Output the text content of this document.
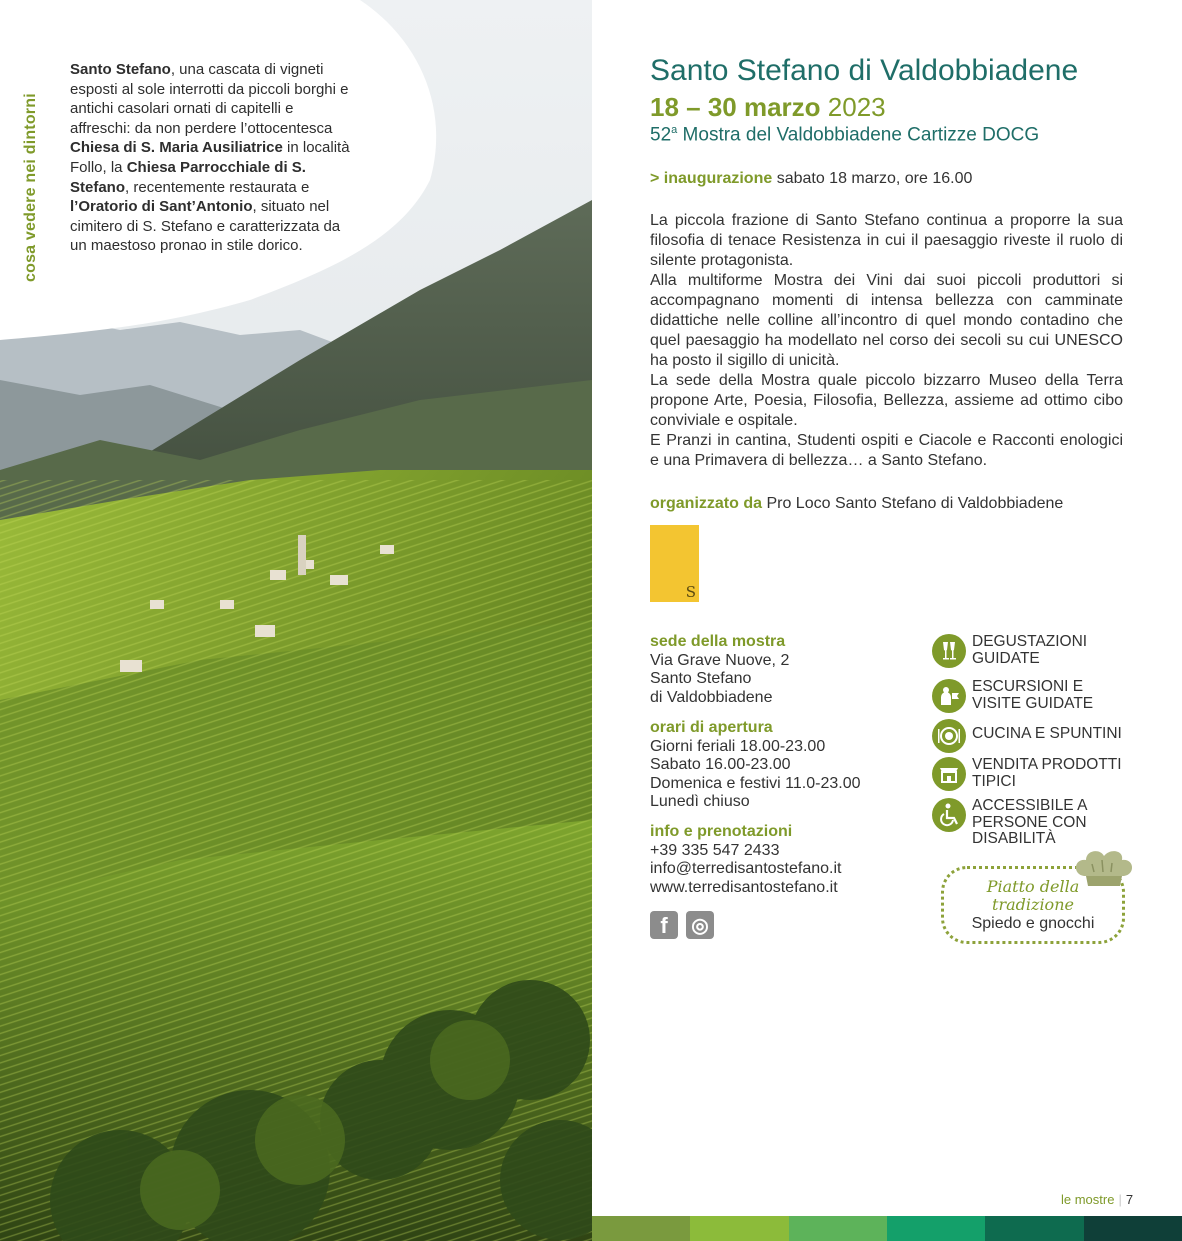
cosa vedere nei dintorni
Santo Stefano, una cascata di vigneti esposti al sole interrotti da piccoli borghi e antichi casolari ornati di capitelli e affreschi: da non perdere l’ottocentesca Chiesa di S. Maria Ausiliatrice in località Follo, la Chiesa Parrocchiale di S. Stefano, recentemente restaurata e l’Oratorio di Sant’Antonio, situato nel cimitero di S. Stefano e caratterizzata da un maestoso pronao in stile dorico.
Santo Stefano di Valdobbiadene
18 – 30 marzo 2023
52$^a$ Mostra del Valdobbiadene Cartizze DOCG
> inaugurazione sabato 18 marzo, ore 16.00

La piccola frazione di Santo Stefano continua a proporre la sua filosofia di tenace Resistenza in cui il paesaggio riveste il ruolo di silente protagonista.

Alla multiforme Mostra dei Vini dai suoi piccoli produttori si accompagnano momenti di intensa bellezza con camminate didattiche nelle colline all’incontro di quel mondo contadino che quel paesaggio ha modellato nel corso dei secoli su cui UNESCO ha posto il sigillo di unicità.

La sede della Mostra quale piccolo bizzarro Museo della Terra propone Arte, Poesia, Filosofia, Bellezza, assieme ad ottimo cibo conviviale e ospitale.

E Pranzi in cantina, Studenti ospiti e Ciacole e Racconti enologici e una Primavera di bellezza… a Santo Stefano.

organizzato da Pro Loco Santo Stefano di Valdobbiadene
S
sede della mostra
Via Grave Nuove, 2
Santo Stefano
di Valdobbiadene
orari di apertura
Giorni feriali 18.00-23.00
Sabato 16.00-23.00
Domenica e festivi 11.0-23.00
Lunedì chiuso
info e prenotazioni
+39 335 547 2433
info@terredisantostefano.it
www.terredisantostefano.it
f	◎
DEGUSTAZIONI
GUIDATE
ESCURSIONI E
VISITE GUIDATE
CUCINA E SPUNTINI
VENDITA PRODOTTI
TIPICI
ACCESSIBILE A
PERSONE CON
DISABILITÀ
Piatto della
tradizione
Spiedo e gnocchi
le mostre | 7
